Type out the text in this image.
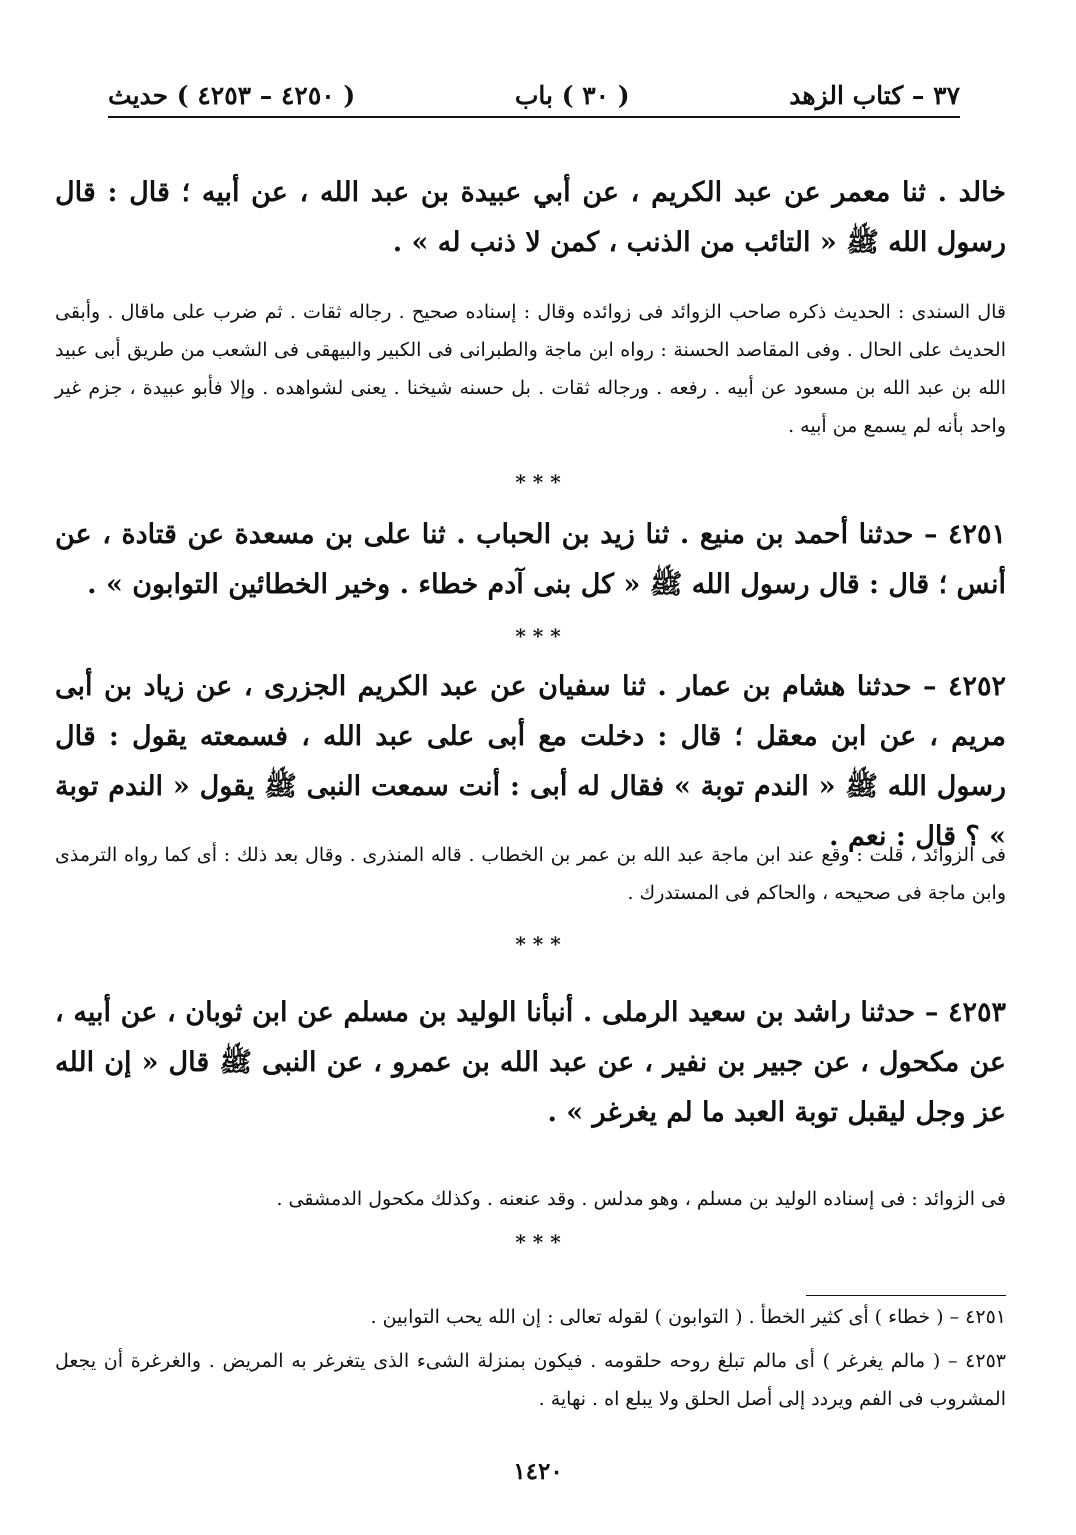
٣٧ – كتاب الزهد
( ٣٠ ) باب
( ٤٢٥٠ – ٤٢٥٣ ) حديث

خالد . ثنا معمر عن عبد الكريم ، عن أبي عبيدة بن عبد الله ، عن أبيه ؛ قال : قال رسول الله ﷺ « التائب من الذنب ، كمن لا ذنب له » .

قال السندى : الحديث ذكره صاحب الزوائد فى زوائده وقال : إسناده صحيح . رجاله ثقات . ثم ضرب على ماقال . وأبقى الحديث على الحال . وفى المقاصد الحسنة : رواه ابن ماجة والطبرانى فى الكبير والبيهقى فى الشعب من طريق أبى عبيد الله بن عبد الله بن مسعود عن أبيه . رفعه . ورجاله ثقات . بل حسنه شيخنا . يعنى لشواهده . وإلا فأبو عبيدة ، جزم غير واحد بأنه لم يسمع من أبيه .

* * *

٤٢٥١ – حدثنا أحمد بن منيع . ثنا زيد بن الحباب . ثنا على بن مسعدة عن قتادة ، عن أنس ؛ قال : قال رسول الله ﷺ « كل بنى آدم خطاء . وخير الخطائين التوابون » .

* * *

٤٢٥٢ – حدثنا هشام بن عمار . ثنا سفيان عن عبد الكريم الجزرى ، عن زياد بن أبى مريم ، عن ابن معقل ؛ قال : دخلت مع أبى على عبد الله ، فسمعته يقول : قال رسول الله ﷺ « الندم توبة » فقال له أبى : أنت سمعت النبى ﷺ يقول « الندم توبة » ؟ قال : نعم .

فى الزوائد ، قلت : وقع عند ابن ماجة عبد الله بن عمر بن الخطاب . قاله المنذرى . وقال بعد ذلك : أى كما رواه الترمذى وابن ماجة فى صحيحه ، والحاكم فى المستدرك .

* * *

٤٢٥٣ – حدثنا راشد بن سعيد الرملى . أنبأنا الوليد بن مسلم عن ابن ثوبان ، عن أبيه ، عن مكحول ، عن جبير بن نفير ، عن عبد الله بن عمرو ، عن النبى ﷺ قال « إن الله عز وجل ليقبل توبة العبد ما لم يغرغر » .

فى الزوائد : فى إسناده الوليد بن مسلم ، وهو مدلس . وقد عنعنه . وكذلك مكحول الدمشقى .

* * *

٤٢٥١ – ( خطاء ) أى كثير الخطأ . ( التوابون ) لقوله تعالى : إن الله يحب التوابين .

٤٢٥٣ – ( مالم يغرغر ) أى مالم تبلغ روحه حلقومه . فيكون بمنزلة الشىء الذى يتغرغر به المريض . والغرغرة أن يجعل المشروب فى الفم ويردد إلى أصل الحلق ولا يبلع اه . نهاية .

١٤٢٠
